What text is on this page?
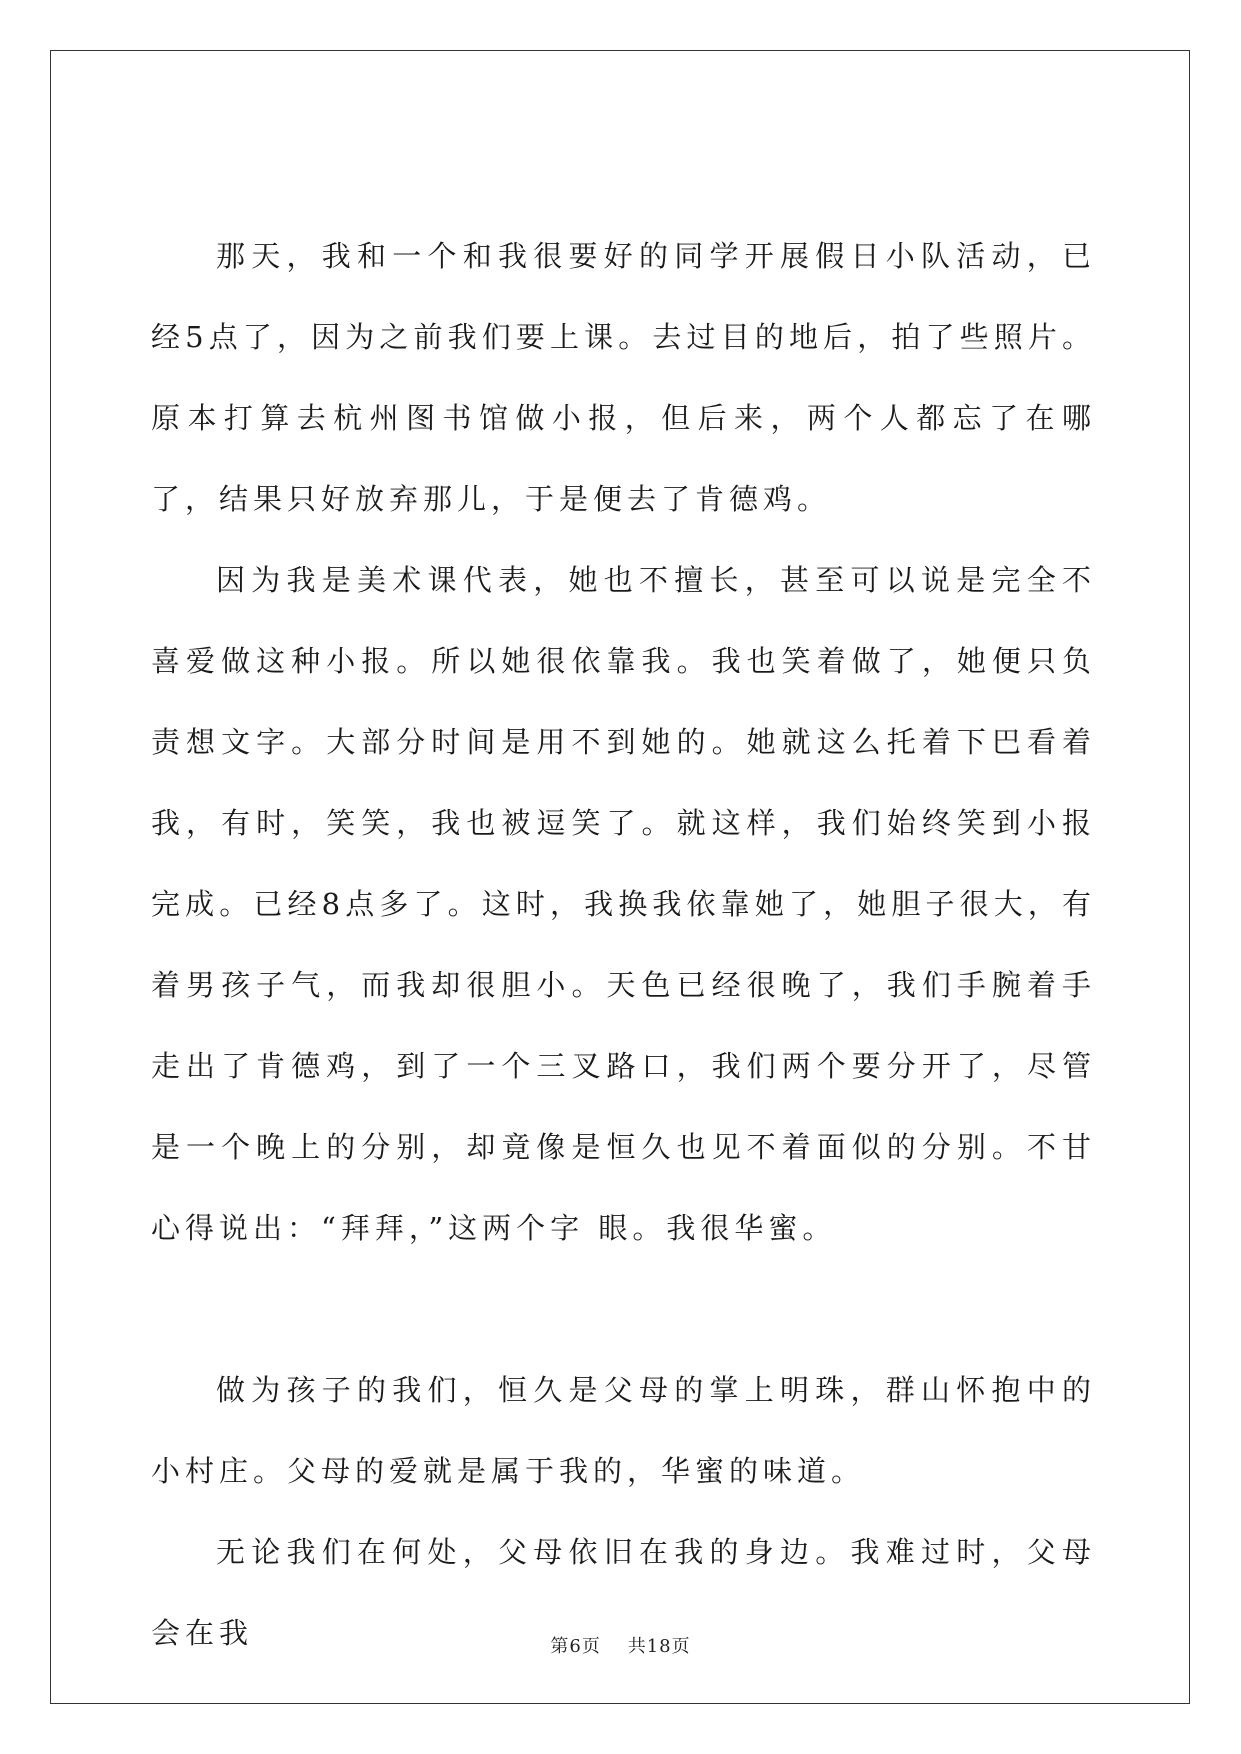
那天，我和一个和我很要好的同学开展假日小队活动，已经5点了，因为之前我们要上课。去过目的地后，拍了些照片。原本打算去杭州图书馆做小报，但后来，两个人都忘了在哪了，结果只好放弃那儿，于是便去了肯德鸡。

因为我是美术课代表，她也不擅长，甚至可以说是完全不喜爱做这种小报。所以她很依靠我。我也笑着做了，她便只负责想文字。大部分时间是用不到她的。她就这么托着下巴看着我，有时，笑笑，我也被逗笑了。就这样，我们始终笑到小报完成。已经8点多了。这时，我换我依靠她了，她胆子很大，有着男孩子气，而我却很胆小。天色已经很晚了，我们手腕着手走出了肯德鸡，到了一个三叉路口，我们两个要分开了，尽管是一个晚上的分别，却竟像是恒久也见不着面似的分别。不甘心得说出：“拜拜，”这两个字 眼。我很华蜜。

做为孩子的我们，恒久是父母的掌上明珠，群山怀抱中的小村庄。父母的爱就是属于我的，华蜜的味道。

无论我们在何处，父母依旧在我的身边。我难过时，父母会在我	第6页 共18页
